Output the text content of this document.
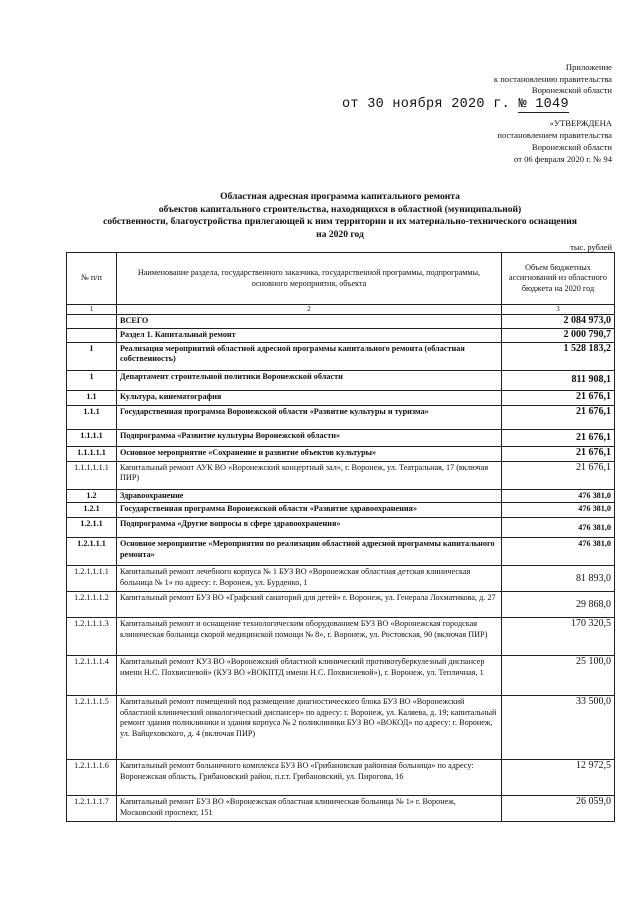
Приложение
к постановлению правительства
Воронежской области
от 30 ноября 2020 г. № 1049
«УТВЕРЖДЕНА
постановлением правительства
Воронежской области
от 06 февраля 2020 г. № 94
Областная адресная программа капитального ремонта
объектов капитального строительства, находящихся в областной (муниципальной)
собственности, благоустройства прилегающей к ним территории и их материально-технического оснащения
на 2020 год
тыс. рублей
№ п/п	Наименование раздела, государственного заказчика, государственной программы, подпрограммы, основного мероприятия, объекта	Объем бюджетных ассигнований из областного бюджета на 2020 год
1	2	3
	ВСЕГО	2 084 973,0
	Раздел 1. Капитальный ремонт	2 000 790,7
I	Реализация мероприятий областной адресной программы капитального ремонта (областная собственность)	1 528 183,2
1	Департамент строительной политики Воронежской области	811 908,1
1.1	Культура, кинематография	21 676,1
1.1.1	Государственная программа Воронежской области «Развитие культуры и туризма»	21 676,1
1.1.1.1	Подпрограмма «Развитие культуры Воронежской области»	21 676,1
1.1.1.1.1	Основное мероприятие «Сохранение и развитие объектов культуры»	21 676,1
1.1.1.1.1.1	Капитальный ремонт АУК ВО «Воронежский концертный зал», г. Воронеж, ул. Театральная, 17 (включая ПИР)	21 676,1
1.2	Здравоохранение	476 381,0
1.2.1	Государственная программа Воронежской области «Развитие здравоохранения»	476 381,0
1.2.1.1	Подпрограмма «Другие вопросы в сфере здравоохранения»	476 381,0
1.2.1.1.1	Основное мероприятие «Мероприятия по реализации областной адресной программы капитального ремонта»	476 381,0
1.2.1.1.1.1	Капитальный ремонт лечебного корпуса № 1 БУЗ ВО «Воронежская областная детская клиническая больница № 1» по адресу: г. Воронеж, ул. Бурденко, 1	81 893,0
1.2.1.1.1.2	Капитальный ремонт БУЗ ВО «Графский санаторий для детей» г. Воронеж, ул. Генерала Лохматикова, д. 27	29 868,0
1.2.1.1.1.3	Капитальный ремонт и оснащение технологическим оборудованием БУЗ ВО «Воронежская городская клиническая больница скорой медицинской помощи № 8», г. Воронеж, ул. Ростовская, 90 (включая ПИР)	170 320,5
1.2.1.1.1.4	Капитальный ремонт КУЗ ВО «Воронежский областной клинический противотуберкулезный диспансер имени Н.С. Похвисневой» (КУЗ ВО «ВОКПТД имени Н.С. Похвисневой»), г. Воронеж, ул. Тепличная, 1	25 100,0
1.2.1.1.1.5	Капитальный ремонт помещений под размещение диагностического блока БУЗ ВО «Воронежский областной клинический онкологический диспансер» по адресу: г. Воронеж, ул. Каляева, д. 19; капитальный ремонт здания поликлиники и здания корпуса № 2 поликлиники БУЗ ВО «ВОКОД» по адресу: г. Воронеж, ул. Вайцеховского, д. 4 (включая ПИР)	33 500,0
1.2.1.1.1.6	Капитальный ремонт больничного комплекса БУЗ ВО «Грибановская районная больница» по адресу: Воронежская область, Грибановский район, п.г.т. Грибановский, ул. Пирогова, 16	12 972,5
1.2.1.1.1.7	Капитальный ремонт БУЗ ВО «Воронежская областная клиническая больница № 1» г. Воронеж, Московский проспект, 151	26 059,0
